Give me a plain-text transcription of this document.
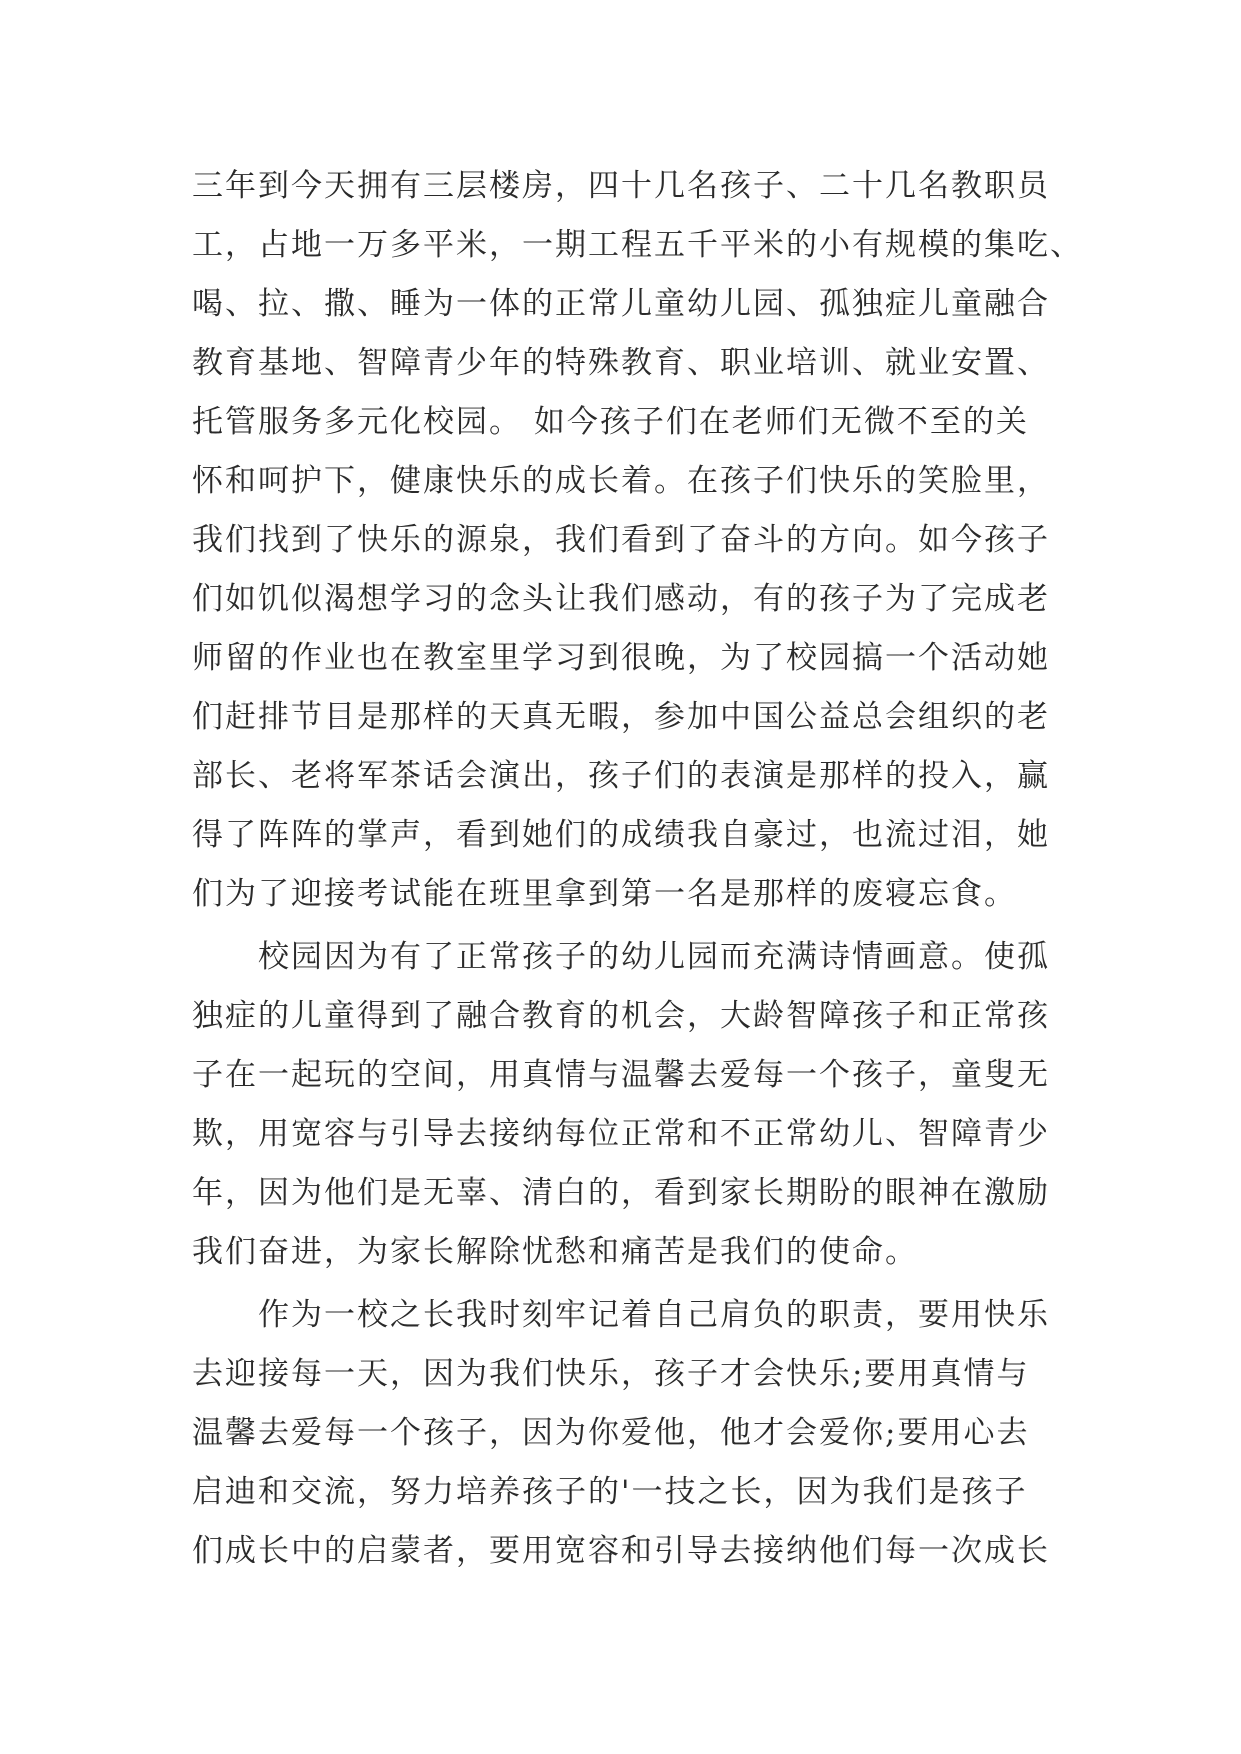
三年到今天拥有三层楼房，四十几名孩子、二十几名教职员
工，占地一万多平米，一期工程五千平米的小有规模的集吃、
喝、拉、撒、睡为一体的正常儿童幼儿园、孤独症儿童融合
教育基地、智障青少年的特殊教育、职业培训、就业安置、
托管服务多元化校园。 如今孩子们在老师们无微不至的关
怀和呵护下，健康快乐的成长着。在孩子们快乐的笑脸里，
我们找到了快乐的源泉，我们看到了奋斗的方向。如今孩子
们如饥似渴想学习的念头让我们感动，有的孩子为了完成老
师留的作业也在教室里学习到很晚，为了校园搞一个活动她
们赶排节目是那样的天真无暇，参加中国公益总会组织的老
部长、老将军茶话会演出，孩子们的表演是那样的投入，赢
得了阵阵的掌声，看到她们的成绩我自豪过，也流过泪，她
们为了迎接考试能在班里拿到第一名是那样的废寝忘食。
　　校园因为有了正常孩子的幼儿园而充满诗情画意。使孤
独症的儿童得到了融合教育的机会，大龄智障孩子和正常孩
子在一起玩的空间，用真情与温馨去爱每一个孩子，童叟无
欺，用宽容与引导去接纳每位正常和不正常幼儿、智障青少
年，因为他们是无辜、清白的，看到家长期盼的眼神在激励
我们奋进，为家长解除忧愁和痛苦是我们的使命。
　　作为一校之长我时刻牢记着自己肩负的职责，要用快乐
去迎接每一天，因为我们快乐，孩子才会快乐;要用真情与
温馨去爱每一个孩子，因为你爱他，他才会爱你;要用心去
启迪和交流，努力培养孩子的'一技之长，因为我们是孩子
们成长中的启蒙者，要用宽容和引导去接纳他们每一次成长
